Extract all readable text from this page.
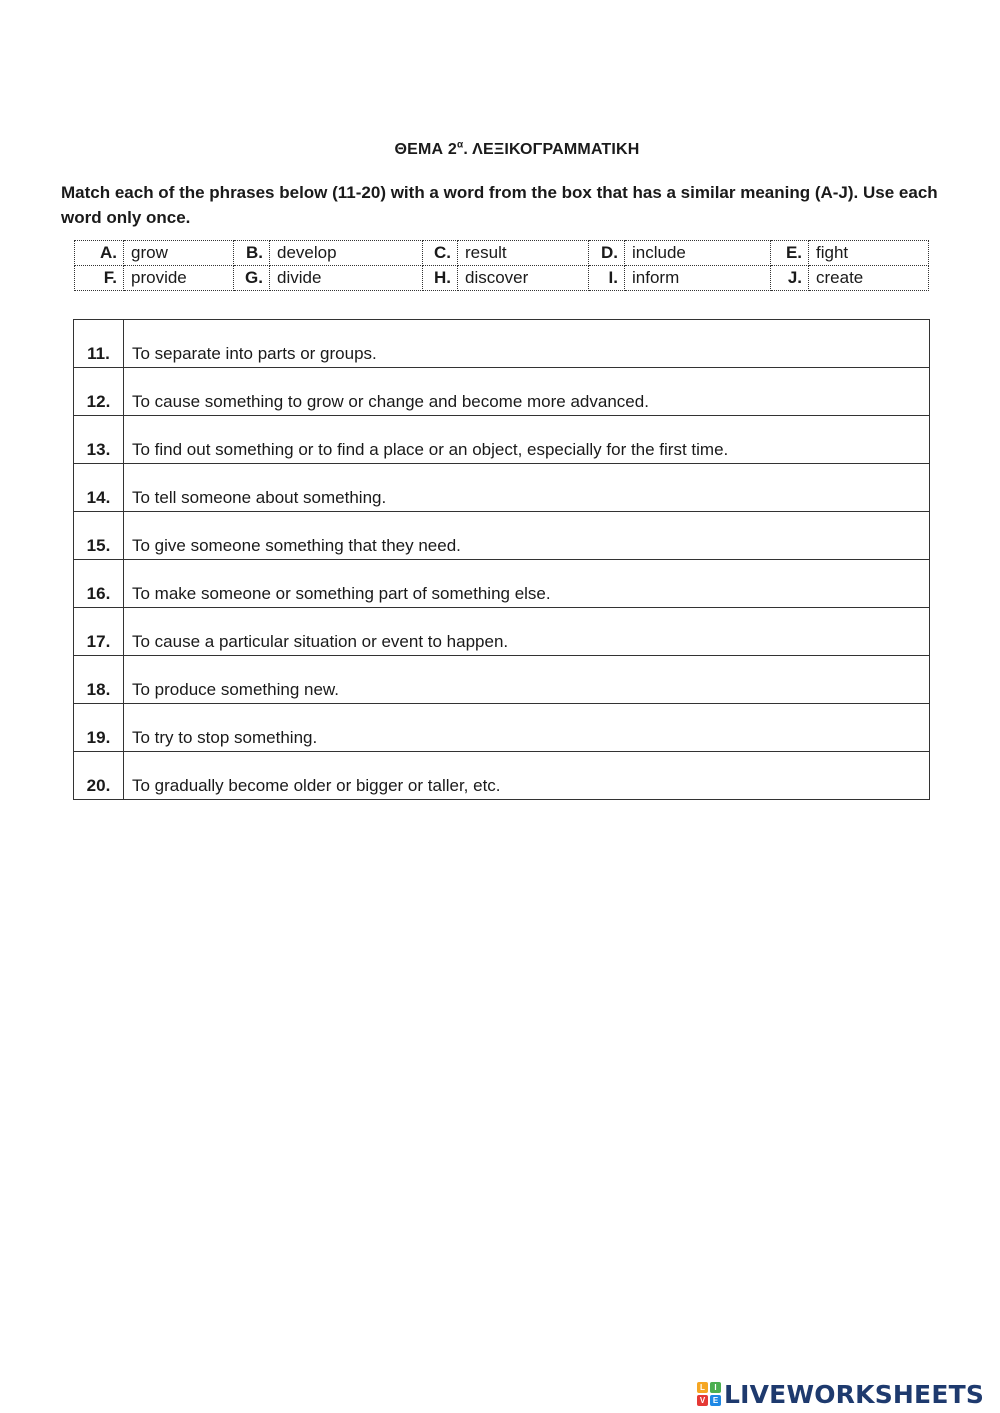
ΘΕΜΑ $2^\alpha$. ΛΕΞΙΚΟΓΡΑΜΜΑΤΙΚΗ
Match each of the phrases below (11-20) with a word from the box that has a similar meaning (A-J). Use each word only once.
A.	grow	B.	develop	C.	result	D.	include	E.	fight
F.	provide	G.	divide	H.	discover	I.	inform	J.	create
11.	To separate into parts or groups.
12.	To cause something to grow or change and become more advanced.
13.	To find out something or to find a place or an object, especially for the first time.
14.	To tell someone about something.
15.	To give someone something that they need.
16.	To make someone or something part of something else.
17.	To cause a particular situation or event to happen.
18.	To produce something new.
19.	To try to stop something.
20.	To gradually become older or bigger or taller, etc.
L	I
V E LIVEWORKSHEETS
